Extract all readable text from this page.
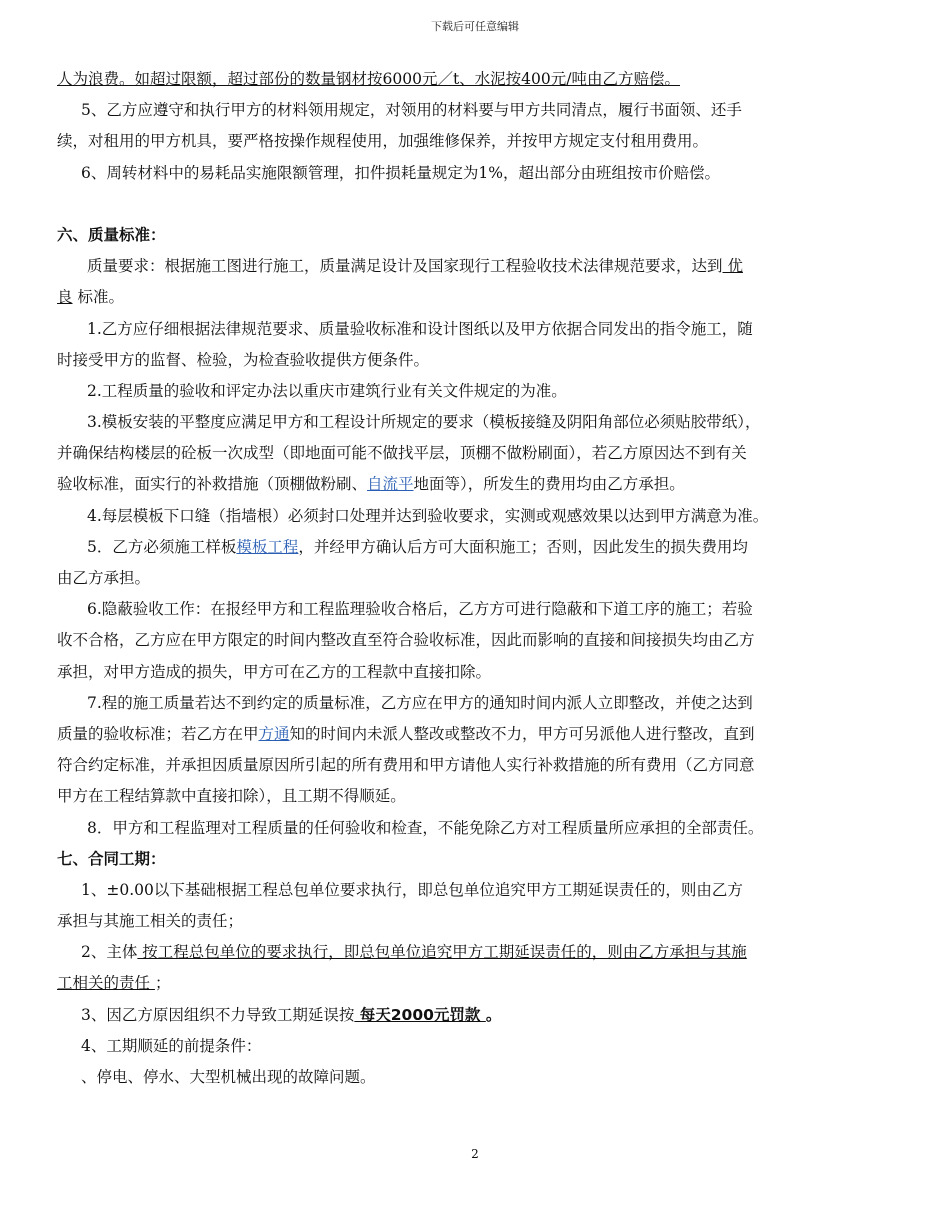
下载后可任意编辑
人为浪费。如超过限额，超过部份的数量钢材按6000元／t、水泥按400元/吨由乙方赔偿。
5、乙方应遵守和执行甲方的材料领用规定，对领用的材料要与甲方共同清点，履行书面领、还手
续，对租用的甲方机具，要严格按操作规程使用，加强维修保养，并按甲方规定支付租用费用。
6、周转材料中的易耗品实施限额管理，扣件损耗量规定为1%，超出部分由班组按市价赔偿。
六、质量标准：
质量要求：根据施工图进行施工，质量满足设计及国家现行工程验收技术法律规范要求，达到 优
良 标准。
1.乙方应仔细根据法律规范要求、质量验收标准和设计图纸以及甲方依据合同发出的指令施工，随
时接受甲方的监督、检验，为检查验收提供方便条件。
2.工程质量的验收和评定办法以重庆市建筑行业有关文件规定的为准。
3.模板安装的平整度应满足甲方和工程设计所规定的要求（模板接缝及阴阳角部位必须贴胶带纸），
并确保结构楼层的砼板一次成型（即地面可能不做找平层，顶棚不做粉刷面），若乙方原因达不到有关
验收标准，面实行的补救措施（顶棚做粉刷、自流平地面等），所发生的费用均由乙方承担。
4.每层模板下口缝（指墙根）必须封口处理并达到验收要求，实测或观感效果以达到甲方满意为准。
5．乙方必须施工样板模板工程，并经甲方确认后方可大面积施工；否则，因此发生的损失费用均
由乙方承担。
6.隐蔽验收工作：在报经甲方和工程监理验收合格后，乙方方可进行隐蔽和下道工序的施工；若验
收不合格，乙方应在甲方限定的时间内整改直至符合验收标准，因此而影响的直接和间接损失均由乙方
承担，对甲方造成的损失，甲方可在乙方的工程款中直接扣除。
7.程的施工质量若达不到约定的质量标准，乙方应在甲方的通知时间内派人立即整改，并使之达到
质量的验收标准；若乙方在甲方通知的时间内未派人整改或整改不力，甲方可另派他人进行整改，直到
符合约定标准，并承担因质量原因所引起的所有费用和甲方请他人实行补救措施的所有费用（乙方同意
甲方在工程结算款中直接扣除），且工期不得顺延。
8．甲方和工程监理对工程质量的任何验收和检查，不能免除乙方对工程质量所应承担的全部责任。
七、合同工期：
1、±0.00以下基础根据工程总包单位要求执行，即总包单位追究甲方工期延误责任的，则由乙方
承担与其施工相关的责任；
2、主体 按工程总包单位的要求执行，即总包单位追究甲方工期延误责任的，则由乙方承担与其施
工相关的责任 ；
3、因乙方原因组织不力导致工期延误按 每天2000元罚款 。
4、工期顺延的前提条件：
、停电、停水、大型机械出现的故障问题。
2
